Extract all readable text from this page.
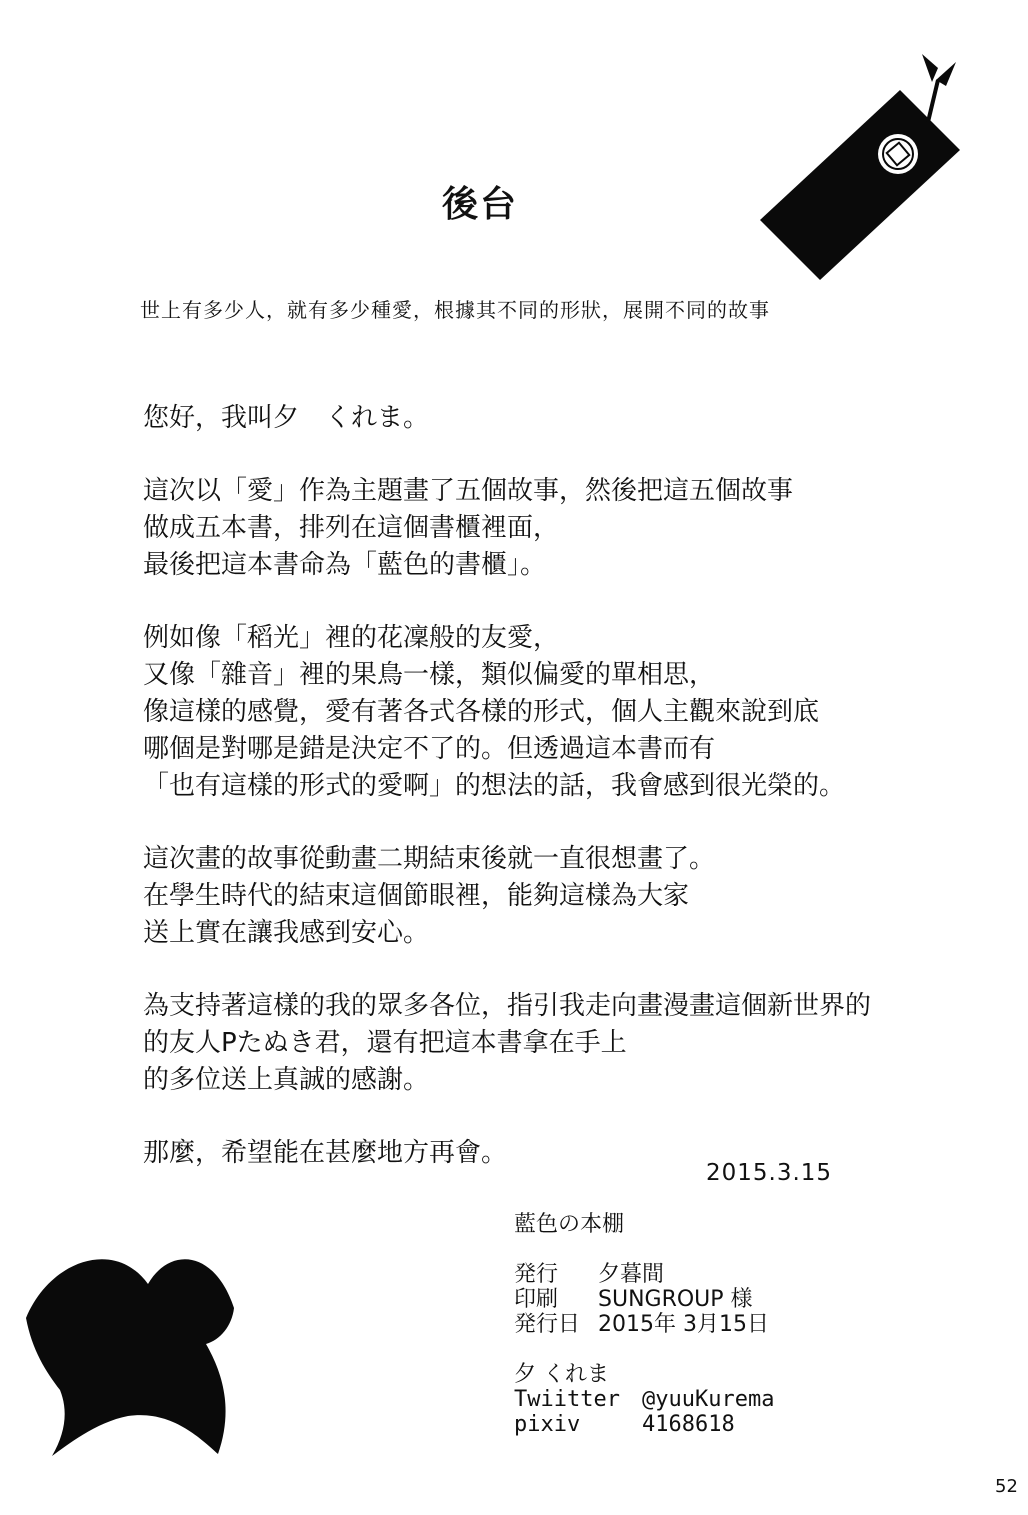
後台
世上有多少人，就有多少種愛，根據其不同的形狀，展開不同的故事
您好，我叫夕　くれま。
這次以「愛」作為主題畫了五個故事，然後把這五個故事
做成五本書，排列在這個書櫃裡面，
最後把這本書命為「藍色的書櫃」。
例如像「稻光」裡的花凜般的友愛，
又像「雜音」裡的果鳥一樣，類似偏愛的單相思，
像這樣的感覺，愛有著各式各樣的形式，個人主觀來說到底
哪個是對哪是錯是決定不了的。但透過這本書而有
「也有這樣的形式的愛啊」的想法的話，我會感到很光榮的。
這次畫的故事從動畫二期結束後就一直很想畫了。
在學生時代的結束這個節眼裡，能夠這樣為大家
送上實在讓我感到安心。
為支持著這樣的我的眾多各位，指引我走向畫漫畫這個新世界的
的友人Pたぬき君，還有把這本書拿在手上
的多位送上真誠的感謝。
那麼，希望能在甚麼地方再會。
2015.3.15
藍色の本棚
発行 夕暮間
印刷 SUNGROUP 様
発行日 2015年 3月15日
夕 くれま
Twiitter @yuuKurema
pixiv	4168618
52
